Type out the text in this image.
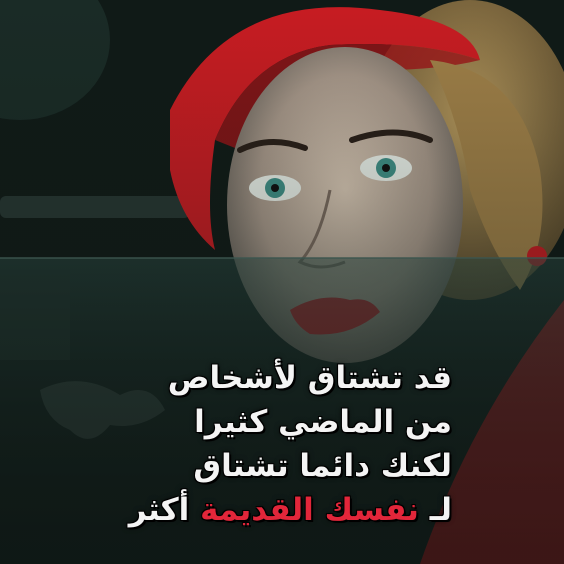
قد تشتاق لأشخاص
من الماضي كثيرا
لكنك دائما تشتاق
لـ نفسك القديمة أكثر
